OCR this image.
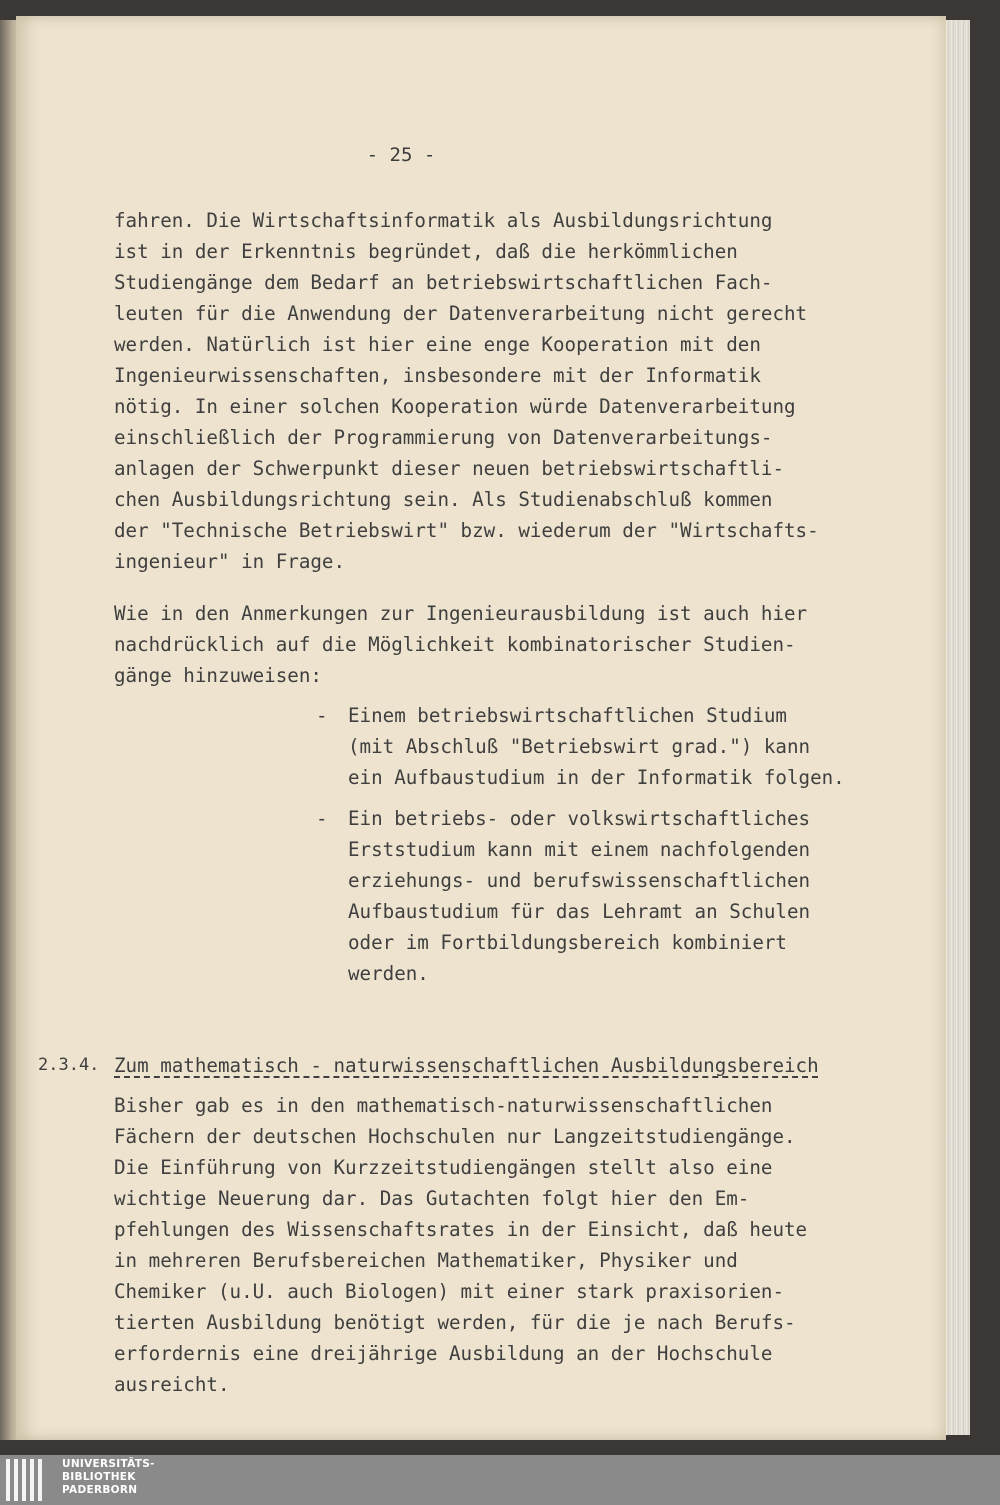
- 25 -
fahren. Die Wirtschaftsinformatik als Ausbildungsrichtung
ist in der Erkenntnis begründet, daß die herkömmlichen
Studiengänge dem Bedarf an betriebswirtschaftlichen Fach-
leuten für die Anwendung der Datenverarbeitung nicht gerecht
werden. Natürlich ist hier eine enge Kooperation mit den
Ingenieurwissenschaften, insbesondere mit der Informatik
nötig. In einer solchen Kooperation würde Datenverarbeitung
einschließlich der Programmierung von Datenverarbeitungs-
anlagen der Schwerpunkt dieser neuen betriebswirtschaftli-
chen Ausbildungsrichtung sein. Als Studienabschluß kommen
der "Technische Betriebswirt" bzw. wiederum der "Wirtschafts-
ingenieur" in Frage.
Wie in den Anmerkungen zur Ingenieurausbildung ist auch hier
nachdrücklich auf die Möglichkeit kombinatorischer Studien-
gänge hinzuweisen:
-	Einem betriebswirtschaftlichen Studium
(mit Abschluß "Betriebswirt grad.") kann
ein Aufbaustudium in der Informatik folgen.
-	Ein betriebs- oder volkswirtschaftliches
Erststudium kann mit einem nachfolgenden
erziehungs- und berufswissenschaftlichen
Aufbaustudium für das Lehramt an Schulen
oder im Fortbildungsbereich kombiniert
werden.
2.3.4. Zum mathematisch - naturwissenschaftlichen Ausbildungsbereich
Bisher gab es in den mathematisch-naturwissenschaftlichen
Fächern der deutschen Hochschulen nur Langzeitstudiengänge.
Die Einführung von Kurzzeitstudiengängen stellt also eine
wichtige Neuerung dar. Das Gutachten folgt hier den Em-
pfehlungen des Wissenschaftsrates in der Einsicht, daß heute
in mehreren Berufsbereichen Mathematiker, Physiker und
Chemiker (u.U. auch Biologen) mit einer stark praxisorien-
tierten Ausbildung benötigt werden, für die je nach Berufs-
erfordernis eine dreijährige Ausbildung an der Hochschule
ausreicht.
UNIVERSITÄTS-
BIBLIOTHEK
PADERBORN
